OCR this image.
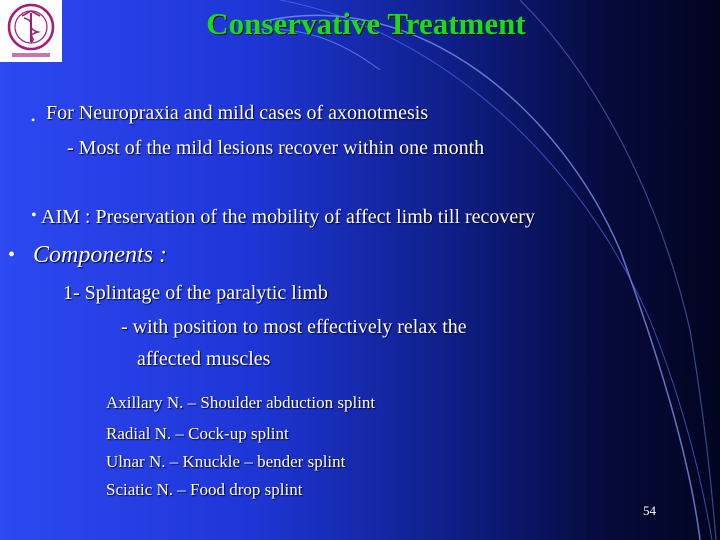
Conservative Treatment
• For Neuropraxia and mild cases of axonotmesis
- Most of the mild lesions recover within one month
• AIM : Preservation of the mobility of affect limb till recovery
• Components :
1- Splintage of the paralytic limb
- with position to most effectively relax the
affected muscles
Axillary N. – Shoulder abduction splint
Radial N. – Cock-up splint
Ulnar N. – Knuckle – bender splint
Sciatic N. – Food drop splint
54
